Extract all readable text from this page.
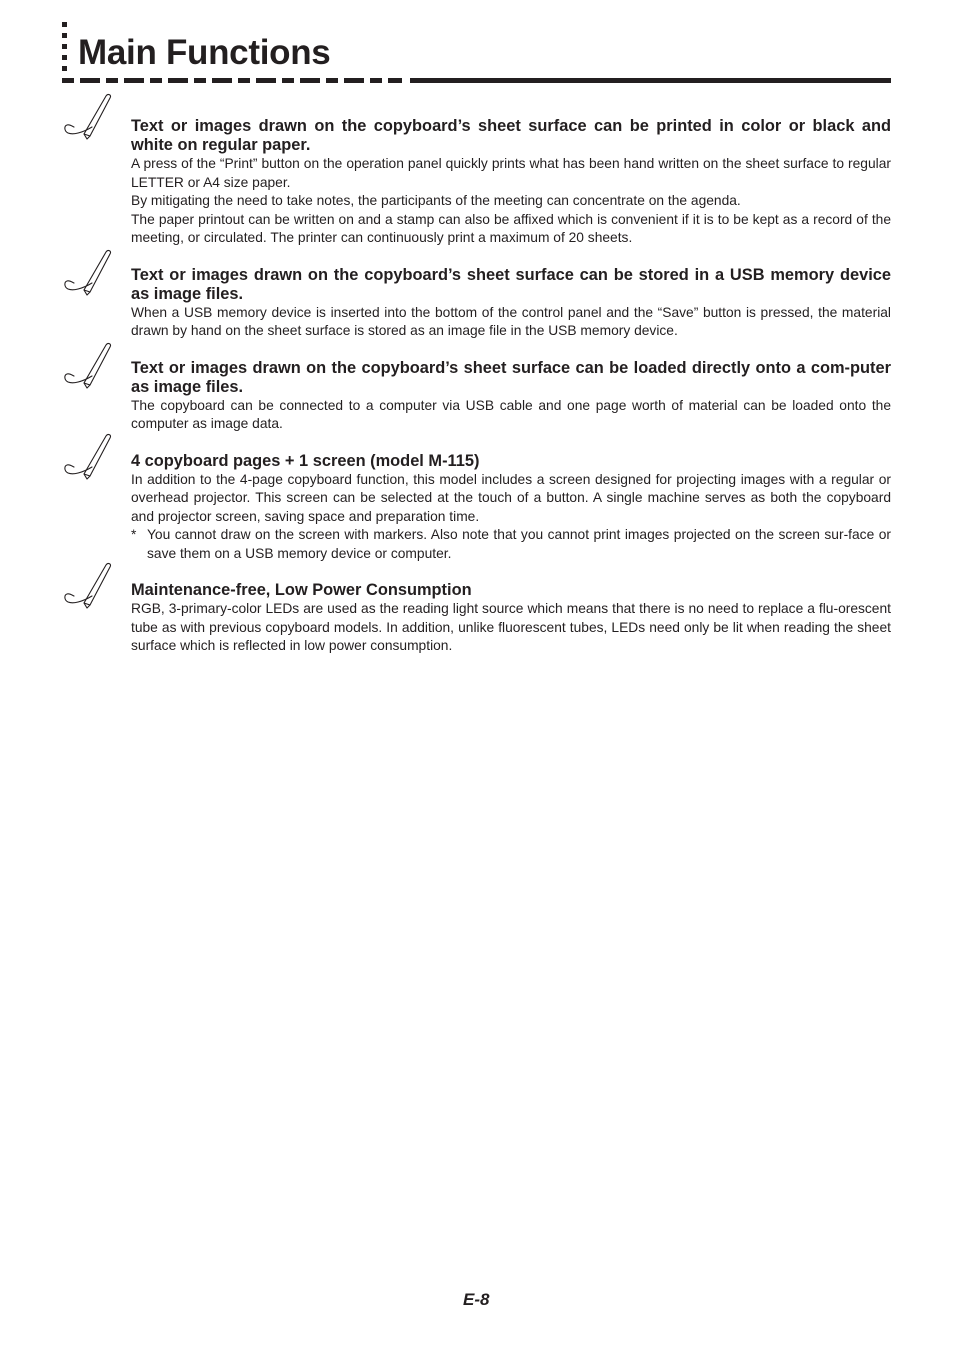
Main Functions
Text or images drawn on the copyboard’s sheet surface can be printed in color or black and white on regular paper.

A press of the “Print” button on the operation panel quickly prints what has been hand written on the sheet surface to regular LETTER or A4 size paper.

By mitigating the need to take notes, the participants of the meeting can concentrate on the agenda.

The paper printout can be written on and a stamp can also be affixed which is convenient if it is to be kept as a record of the meeting, or circulated. The printer can continuously print a maximum of 20 sheets.

Text or images drawn on the copyboard’s sheet surface can be stored in a USB memory device as image files.

When a USB memory device is inserted into the bottom of the control panel and the “Save” button is pressed, the material drawn by hand on the sheet surface is stored as an image file in the USB memory device.

Text or images drawn on the copyboard’s sheet surface can be loaded directly onto a com-puter as image files.

The copyboard can be connected to a computer via USB cable and one page worth of material can be loaded onto the computer as image data.

4 copyboard pages + 1 screen (model M-115)

In addition to the 4-page copyboard function, this model includes a screen designed for projecting images with a regular or overhead projector. This screen can be selected at the touch of a button. A single machine serves as both the copyboard and projector screen, saving space and preparation time.

* You cannot draw on the screen with markers. Also note that you cannot print images projected on the screen sur-face or save them on a USB memory device or computer.

Maintenance-free, Low Power Consumption

RGB, 3-primary-color LEDs are used as the reading light source which means that there is no need to replace a flu-orescent tube as with previous copyboard models. In addition, unlike fluorescent tubes, LEDs need only be lit when reading the sheet surface which is reflected in low power consumption.

E-8
